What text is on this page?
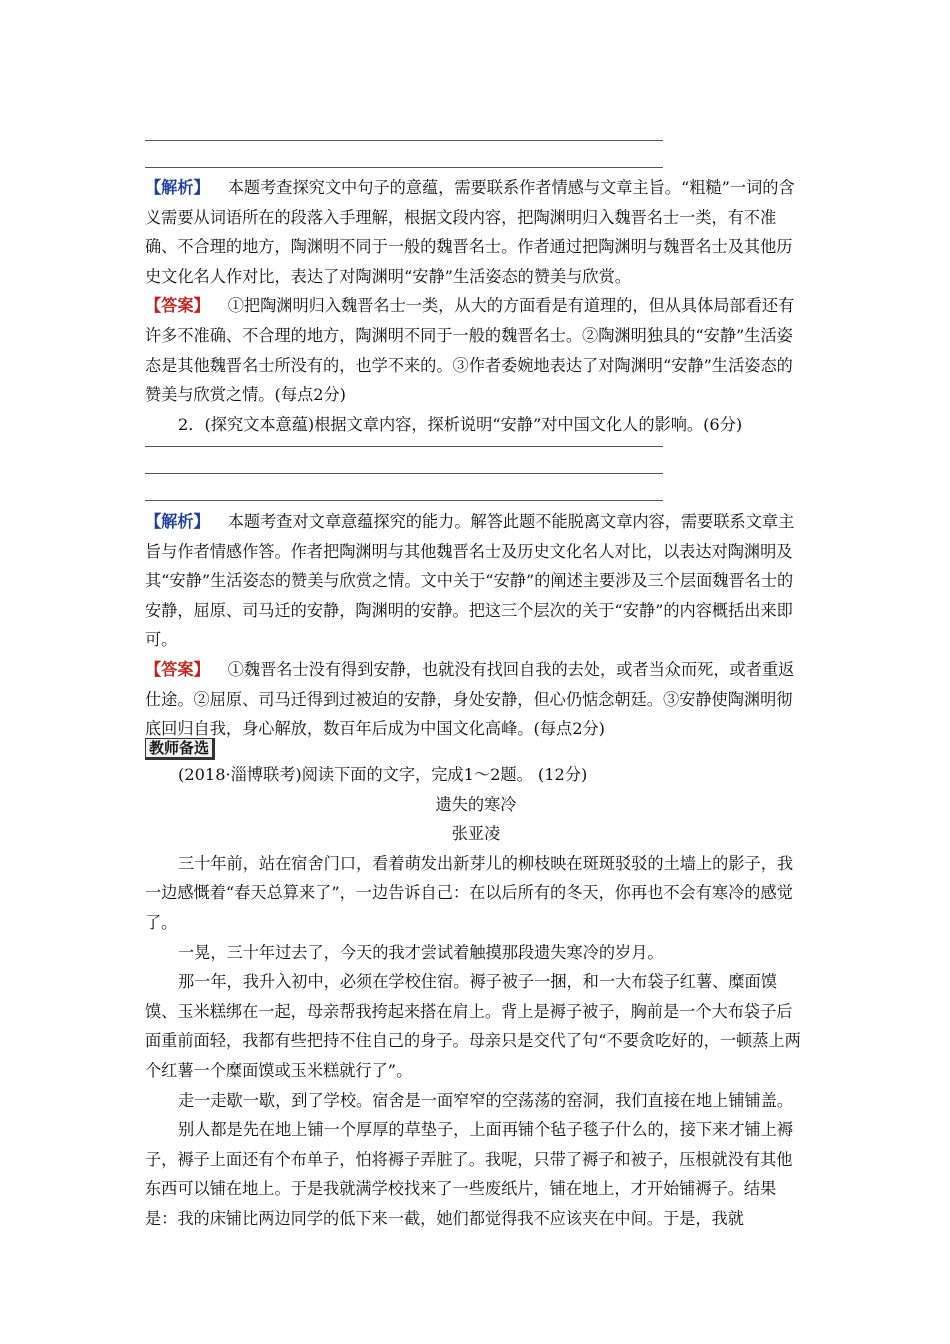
【解析】 本题考查探究文中句子的意蕴，需要联系作者情感与文章主旨。“粗糙”一词的含义需要从词语所在的段落入手理解，根据文段内容，把陶渊明归入魏晋名士一类，有不准确、不合理的地方，陶渊明不同于一般的魏晋名士。作者通过把陶渊明与魏晋名士及其他历史文化名人作对比，表达了对陶渊明“安静”生活姿态的赞美与欣赏。

【答案】 ①把陶渊明归入魏晋名士一类，从大的方面看是有道理的，但从具体局部看还有许多不准确、不合理的地方，陶渊明不同于一般的魏晋名士。②陶渊明独具的“安静”生活姿态是其他魏晋名士所没有的，也学不来的。③作者委婉地表达了对陶渊明“安静”生活姿态的赞美与欣赏之情。(每点2分)

2．(探究文本意蕴)根据文章内容，探析说明“安静”对中国文化人的影响。(6分)

【解析】 本题考查对文章意蕴探究的能力。解答此题不能脱离文章内容，需要联系文章主旨与作者情感作答。作者把陶渊明与其他魏晋名士及历史文化名人对比，以表达对陶渊明及其“安静”生活姿态的赞美与欣赏之情。文中关于“安静”的阐述主要涉及三个层面魏晋名士的安静，屈原、司马迁的安静，陶渊明的安静。把这三个层次的关于“安静”的内容概括出来即可。

【答案】 ①魏晋名士没有得到安静，也就没有找回自我的去处，或者当众而死，或者重返仕途。②屈原、司马迁得到过被迫的安静，身处安静，但心仍惦念朝廷。③安静使陶渊明彻底回归自我，身心解放，数百年后成为中国文化高峰。(每点2分)

教师备选

(2018·淄博联考)阅读下面的文字，完成1～2题。 (12分)

遗失的寒冷

张亚凌

三十年前，站在宿舍门口，看着萌发出新芽儿的柳枝映在斑斑驳驳的土墙上的影子，我一边感慨着“春天总算来了”，一边告诉自己：在以后所有的冬天，你再也不会有寒冷的感觉了。

一晃，三十年过去了，今天的我才尝试着触摸那段遗失寒冷的岁月。

那一年，我升入初中，必须在学校住宿。褥子被子一捆，和一大布袋子红薯、糜面馍馍、玉米糕绑在一起，母亲帮我挎起来搭在肩上。背上是褥子被子，胸前是一个大布袋子后面重前面轻，我都有些把持不住自己的身子。母亲只是交代了句“不要贪吃好的，一顿蒸上两个红薯一个糜面馍或玉米糕就行了”。

走一走歇一歇，到了学校。宿舍是一面窄窄的空荡荡的窑洞，我们直接在地上铺铺盖。

别人都是先在地上铺一个厚厚的草垫子，上面再铺个毡子毯子什么的，接下来才铺上褥子，褥子上面还有个布单子，怕将褥子弄脏了。我呢，只带了褥子和被子，压根就没有其他东西可以铺在地上。于是我就满学校找来了一些废纸片，铺在地上，才开始铺褥子。结果是：我的床铺比两边同学的低下来一截，她们都觉得我不应该夹在中间。于是，我就
